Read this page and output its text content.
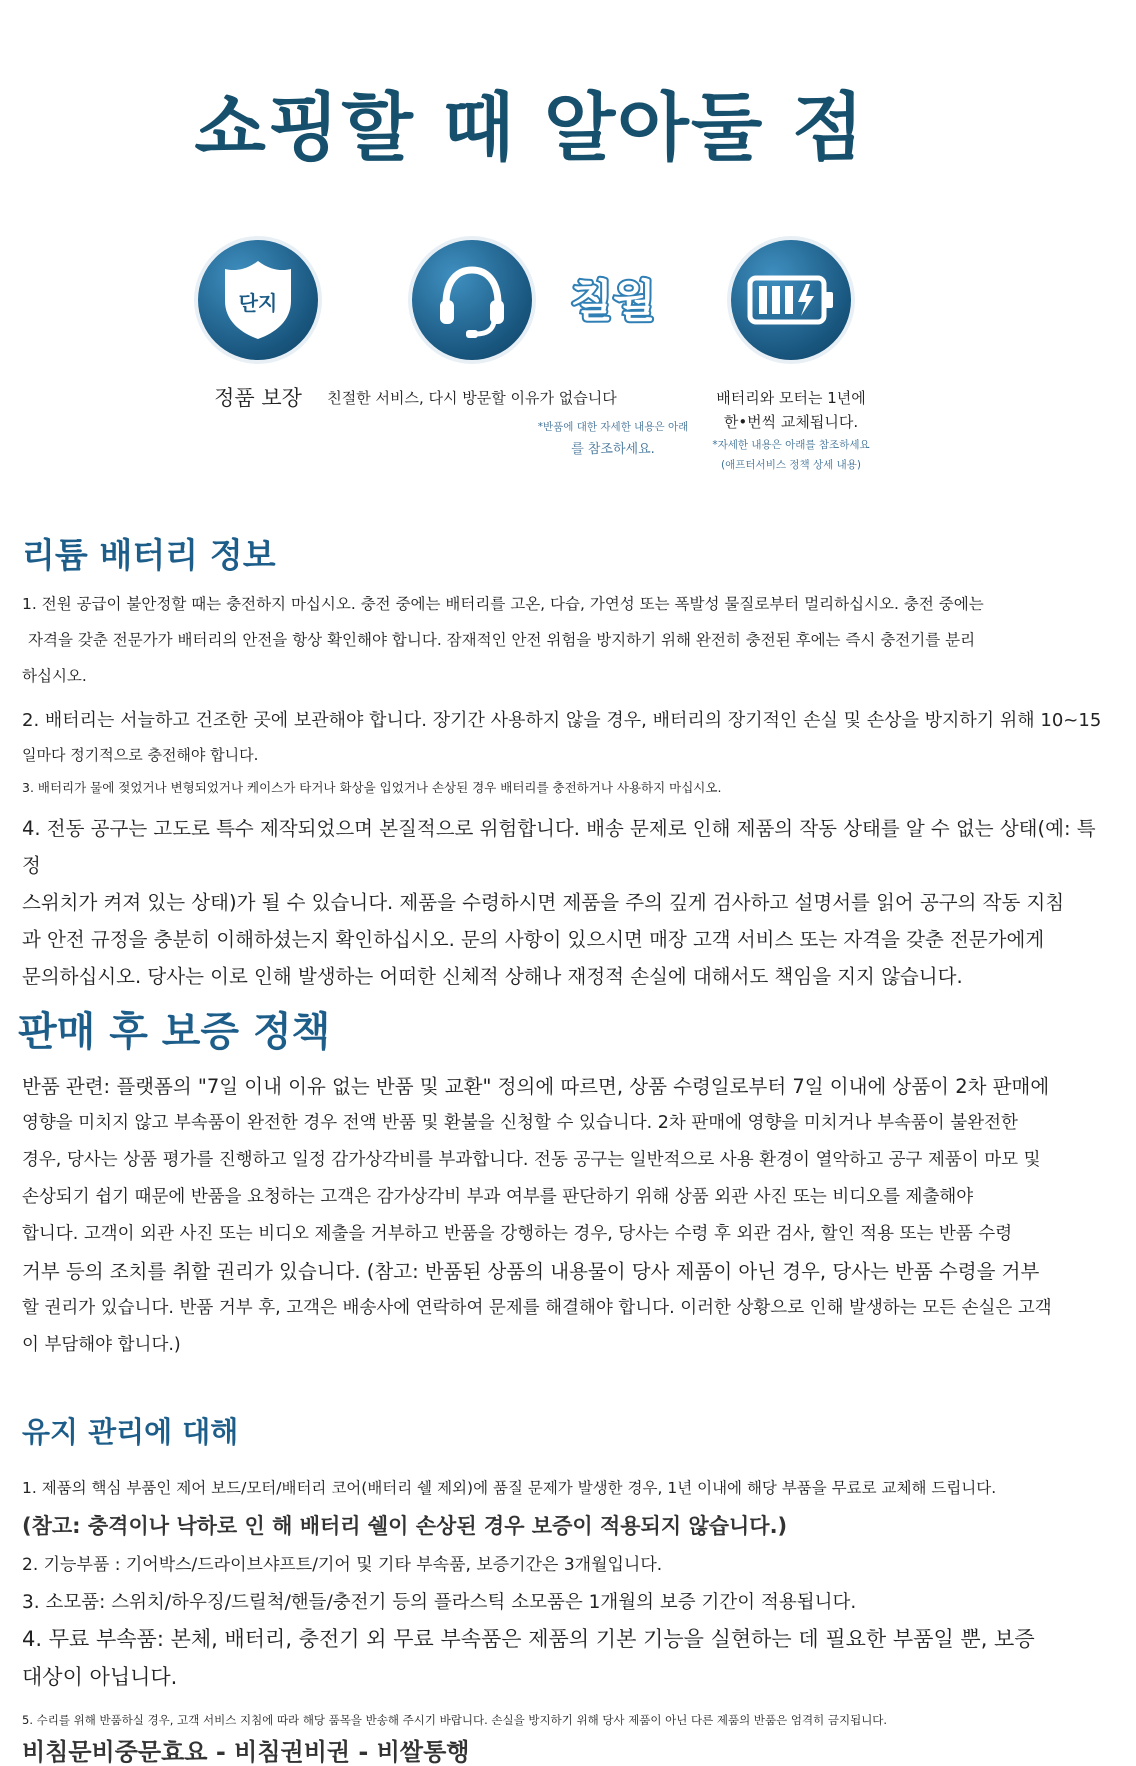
쇼핑할 때 알아둘 점
단지
정품 보장	친절한 서비스, 다시 방문할 이유가 없습니다
칠월
*반품에 대한 자세한 내용은 아래
를 참조하세요.
배터리와 모터는 1년에
한•번씩 교체됩니다.
*자세한 내용은 아래를 참조하세요
(애프터서비스 정책 상세 내용)
리튬 배터리 정보
1. 전원 공급이 불안정할 때는 충전하지 마십시오. 충전 중에는 배터리를 고온, 다습, 가연성 또는 폭발성 물질로부터 멀리하십시오. 충전 중에는
자격을 갖춘 전문가가 배터리의 안전을 항상 확인해야 합니다. 잠재적인 안전 위험을 방지하기 위해 완전히 충전된 후에는 즉시 충전기를 분리
하십시오.
2. 배터리는 서늘하고 건조한 곳에 보관해야 합니다. 장기간 사용하지 않을 경우, 배터리의 장기적인 손실 및 손상을 방지하기 위해 10~15
일마다 정기적으로 충전해야 합니다.
3. 배터리가 물에 젖었거나 변형되었거나 케이스가 타거나 화상을 입었거나 손상된 경우 배터리를 충전하거나 사용하지 마십시오.
4. 전동 공구는 고도로 특수 제작되었으며 본질적으로 위험합니다. 배송 문제로 인해 제품의 작동 상태를 알 수 없는 상태(예: 특정
스위치가 켜져 있는 상태)가 될 수 있습니다. 제품을 수령하시면 제품을 주의 깊게 검사하고 설명서를 읽어 공구의 작동 지침
과 안전 규정을 충분히 이해하셨는지 확인하십시오. 문의 사항이 있으시면 매장 고객 서비스 또는 자격을 갖춘 전문가에게
문의하십시오. 당사는 이로 인해 발생하는 어떠한 신체적 상해나 재정적 손실에 대해서도 책임을 지지 않습니다.
판매 후 보증 정책
반품 관련: 플랫폼의 "7일 이내 이유 없는 반품 및 교환" 정의에 따르면, 상품 수령일로부터 7일 이내에 상품이 2차 판매에
영향을 미치지 않고 부속품이 완전한 경우 전액 반품 및 환불을 신청할 수 있습니다. 2차 판매에 영향을 미치거나 부속품이 불완전한
경우, 당사는 상품 평가를 진행하고 일정 감가상각비를 부과합니다. 전동 공구는 일반적으로 사용 환경이 열악하고 공구 제품이 마모 및
손상되기 쉽기 때문에 반품을 요청하는 고객은 감가상각비 부과 여부를 판단하기 위해 상품 외관 사진 또는 비디오를 제출해야
합니다. 고객이 외관 사진 또는 비디오 제출을 거부하고 반품을 강행하는 경우, 당사는 수령 후 외관 검사, 할인 적용 또는 반품 수령
거부 등의 조치를 취할 권리가 있습니다. (참고: 반품된 상품의 내용물이 당사 제품이 아닌 경우, 당사는 반품 수령을 거부
할 권리가 있습니다. 반품 거부 후, 고객은 배송사에 연락하여 문제를 해결해야 합니다. 이러한 상황으로 인해 발생하는 모든 손실은 고객
이 부담해야 합니다.)
유지 관리에 대해
1. 제품의 핵심 부품인 제어 보드/모터/배터리 코어(배터리 쉘 제외)에 품질 문제가 발생한 경우, 1년 이내에 해당 부품을 무료로 교체해 드립니다.
(참고: 충격이나 낙하로 인 해 배터리 쉘이 손상된 경우 보증이 적용되지 않습니다.)
2. 기능부품 : 기어박스/드라이브샤프트/기어 및 기타 부속품, 보증기간은 3개월입니다.
3. 소모품: 스위치/하우징/드릴척/핸들/충전기 등의 플라스틱 소모품은 1개월의 보증 기간이 적용됩니다.
4. 무료 부속품: 본체, 배터리, 충전기 외 무료 부속품은 제품의 기본 기능을 실현하는 데 필요한 부품일 뿐, 보증
대상이 아닙니다.
5. 수리를 위해 반품하실 경우, 고객 서비스 지침에 따라 해당 품목을 반송해 주시기 바랍니다. 손실을 방지하기 위해 당사 제품이 아닌 다른 제품의 반품은 엄격히 금지됩니다.
비침문비중문효요 - 비침권비권 - 비쌀통행
